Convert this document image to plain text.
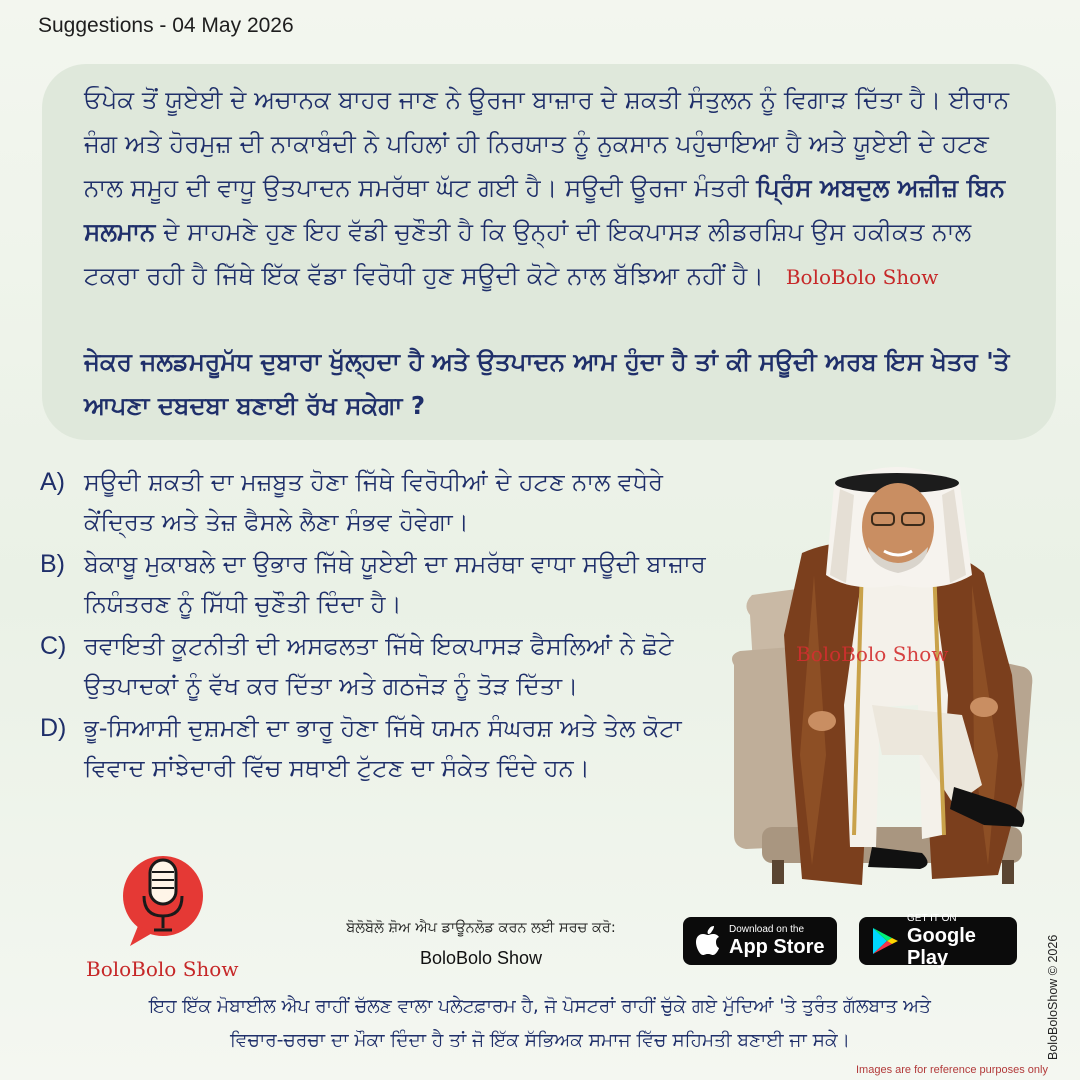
Suggestions - 04 May 2026
ਓਪੇਕ ਤੋਂ ਯੂਏਈ ਦੇ ਅਚਾਨਕ ਬਾਹਰ ਜਾਣ ਨੇ ਊਰਜਾ ਬਾਜ਼ਾਰ ਦੇ ਸ਼ਕਤੀ ਸੰਤੁਲਨ ਨੂੰ ਵਿਗਾੜ ਦਿੱਤਾ ਹੈ। ਈਰਾਨ ਜੰਗ ਅਤੇ ਹੋਰਮੁਜ਼ ਦੀ ਨਾਕਾਬੰਦੀ ਨੇ ਪਹਿਲਾਂ ਹੀ ਨਿਰਯਾਤ ਨੂੰ ਨੁਕਸਾਨ ਪਹੁੰਚਾਇਆ ਹੈ ਅਤੇ ਯੂਏਈ ਦੇ ਹਟਣ ਨਾਲ ਸਮੂਹ ਦੀ ਵਾਧੂ ਉਤਪਾਦਨ ਸਮਰੱਥਾ ਘੱਟ ਗਈ ਹੈ। ਸਊਦੀ ਊਰਜਾ ਮੰਤਰੀ ਪ੍ਰਿੰਸ ਅਬਦੁਲ ਅਜ਼ੀਜ਼ ਬਿਨ ਸਲਮਾਨ ਦੇ ਸਾਹਮਣੇ ਹੁਣ ਇਹ ਵੱਡੀ ਚੁਣੌਤੀ ਹੈ ਕਿ ਉਨ੍ਹਾਂ ਦੀ ਇਕਪਾਸੜ ਲੀਡਰਸ਼ਿਪ ਉਸ ਹਕੀਕਤ ਨਾਲ ਟਕਰਾ ਰਹੀ ਹੈ ਜਿੱਥੇ ਇੱਕ ਵੱਡਾ ਵਿਰੋਧੀ ਹੁਣ ਸਊਦੀ ਕੋਟੇ ਨਾਲ ਬੱਝਿਆ ਨਹੀਂ ਹੈ। BoloBolo Show
ਜੇਕਰ ਜਲਡਮਰੂਮੱਧ ਦੁਬਾਰਾ ਖੁੱਲ੍ਹਦਾ ਹੈ ਅਤੇ ਉਤਪਾਦਨ ਆਮ ਹੁੰਦਾ ਹੈ ਤਾਂ ਕੀ ਸਊਦੀ ਅਰਬ ਇਸ ਖੇਤਰ 'ਤੇ ਆਪਣਾ ਦਬਦਬਾ ਬਣਾਈ ਰੱਖ ਸਕੇਗਾ ?
A) ਸਊਦੀ ਸ਼ਕਤੀ ਦਾ ਮਜ਼ਬੂਤ ਹੋਣਾ ਜਿੱਥੇ ਵਿਰੋਧੀਆਂ ਦੇ ਹਟਣ ਨਾਲ ਵਧੇਰੇ ਕੇਂਦ੍ਰਿਤ ਅਤੇ ਤੇਜ਼ ਫੈਸਲੇ ਲੈਣਾ ਸੰਭਵ ਹੋਵੇਗਾ।
B) ਬੇਕਾਬੂ ਮੁਕਾਬਲੇ ਦਾ ਉਭਾਰ ਜਿੱਥੇ ਯੂਏਈ ਦਾ ਸਮਰੱਥਾ ਵਾਧਾ ਸਊਦੀ ਬਾਜ਼ਾਰ ਨਿਯੰਤਰਣ ਨੂੰ ਸਿੱਧੀ ਚੁਣੌਤੀ ਦਿੰਦਾ ਹੈ।
C) ਰਵਾਇਤੀ ਕੂਟਨੀਤੀ ਦੀ ਅਸਫਲਤਾ ਜਿੱਥੇ ਇਕਪਾਸੜ ਫੈਸਲਿਆਂ ਨੇ ਛੋਟੇ ਉਤਪਾਦਕਾਂ ਨੂੰ ਵੱਖ ਕਰ ਦਿੱਤਾ ਅਤੇ ਗਠਜੋੜ ਨੂੰ ਤੋੜ ਦਿੱਤਾ।
D) ਭੂ-ਸਿਆਸੀ ਦੁਸ਼ਮਣੀ ਦਾ ਭਾਰੂ ਹੋਣਾ ਜਿੱਥੇ ਯਮਨ ਸੰਘਰਸ਼ ਅਤੇ ਤੇਲ ਕੋਟਾ ਵਿਵਾਦ ਸਾਂਝੇਦਾਰੀ ਵਿੱਚ ਸਥਾਈ ਟੁੱਟਣ ਦਾ ਸੰਕੇਤ ਦਿੰਦੇ ਹਨ।
BoloBolo Show
BoloBolo Show
ਬੋਲੋਬੋਲੋ ਸ਼ੋਅ ਐਪ ਡਾਊਨਲੋਡ ਕਰਨ ਲਈ ਸਰਚ ਕਰੋ:
BoloBolo Show
Download on the
App Store
GET IT ON
Google Play
ਇਹ ਇੱਕ ਮੋਬਾਈਲ ਐਪ ਰਾਹੀਂ ਚੱਲਣ ਵਾਲਾ ਪਲੇਟਫ਼ਾਰਮ ਹੈ, ਜੋ ਪੋਸਟਰਾਂ ਰਾਹੀਂ ਚੁੱਕੇ ਗਏ ਮੁੱਦਿਆਂ 'ਤੇ ਤੁਰੰਤ ਗੱਲਬਾਤ ਅਤੇ
ਵਿਚਾਰ-ਚਰਚਾ ਦਾ ਮੌਕਾ ਦਿੰਦਾ ਹੈ ਤਾਂ ਜੋ ਇੱਕ ਸੱਭਿਅਕ ਸਮਾਜ ਵਿੱਚ ਸਹਿਮਤੀ ਬਣਾਈ ਜਾ ਸਕੇ।	BoloBoloShow © 2026
Images are for reference purposes only
